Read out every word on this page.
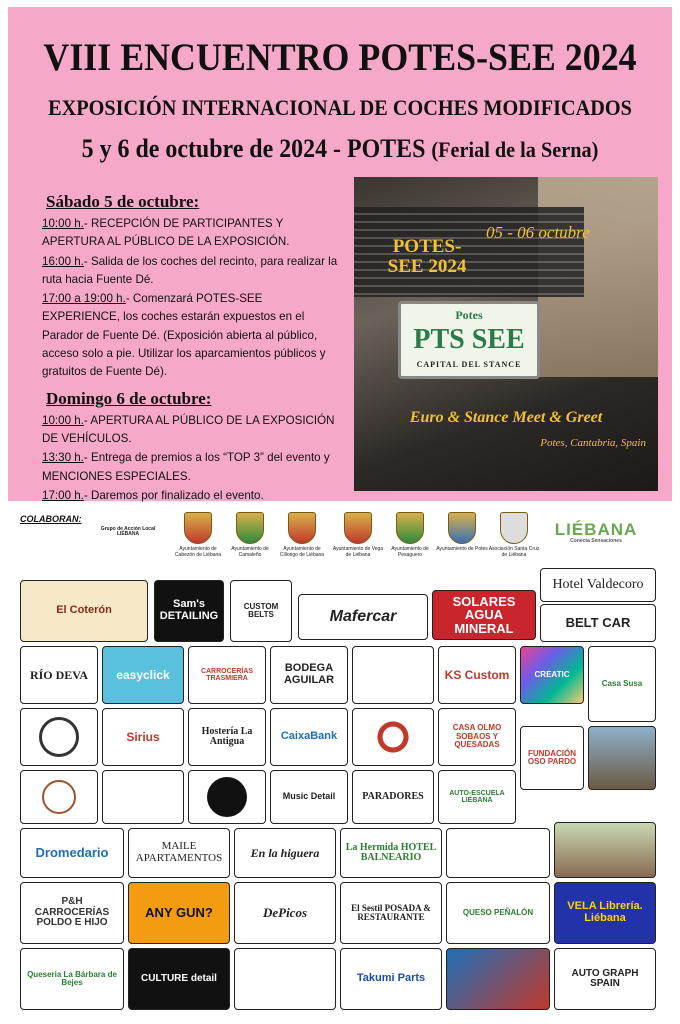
VIII ENCUENTRO POTES-SEE 2024
EXPOSICIÓN INTERNACIONAL DE COCHES MODIFICADOS
5 y 6 de octubre de 2024 - POTES (Ferial de la Serna)
Sábado 5 de octubre:
10:00 h.- RECEPCIÓN DE PARTICIPANTES Y APERTURA AL PÚBLICO DE LA EXPOSICIÓN.
16:00 h.- Salida de los coches del recinto, para realizar la ruta hacia Fuente Dé.
17:00 a 19:00 h.- Comenzará POTES-SEE EXPERIENCE, los coches estarán expuestos en el Parador de Fuente Dé. (Exposición abierta al público, acceso solo a pie. Utilizar los aparcamientos públicos y gratuitos de Fuente Dé).
Domingo 6 de octubre:
10:00 h.- APERTURA AL PÚBLICO DE LA EXPOSICIÓN DE VEHÍCULOS.
13:30 h.- Entrega de premios a los “TOP 3” del evento y MENCIONES ESPECIALES.
17:00 h.- Daremos por finalizado el evento.
POTES-SEE 2024
05 - 06 octubre
Potes
PTS SEE
CAPITAL DEL STANCE
Euro & Stance Meet & Greet
Potes, Cantabria, Spain
COLABORAN:
Grupo de Acción Local LIÉBANA
Ayuntamiento de Cabezón de Liébana
Ayuntamiento de Camaleño
Ayuntamiento de Cillorigo de Liébana
Ayuntamiento de Vega de Liébana
Ayuntamiento de Pesaguero
Ayuntamiento de Potes Asociación Santa Cruz de Liébana
LIÉBANA
Conecta Sensaciones
El Coterón	Sam's DETAILING
CUSTOM BELTS	Mafercar
SOLARES AGUA MINERAL
Hotel Valdecoro
BELT CAR
RÍO DEVA easyclick	CARROCERÍAS TRASMIERA
BODEGA AGUILAR	KS Custom	CREATIC
Casa Susa
Sirius	Hostería La Antigua	CaixaBank
CASA OLMO SOBAOS Y QUESADAS
FUNDACIÓN OSO PARDO
Music Detail	PARADORES	AUTO-ESCUELA LIÉBANA
Dromedario	MAILE APARTAMENTOS	En la higuera	La Hermida HOTEL BALNEARIO
P&H CARROCERÍAS POLDO E HIJO
ANY GUN?	DePicos	El Sestil POSADA & RESTAURANTE	QUESO PEÑALÓN	VELA Librería. Liébana
Queseria La Bárbara de Bejes	CULTURE detail	Takumi Parts	AUTO GRAPH SPAIN
